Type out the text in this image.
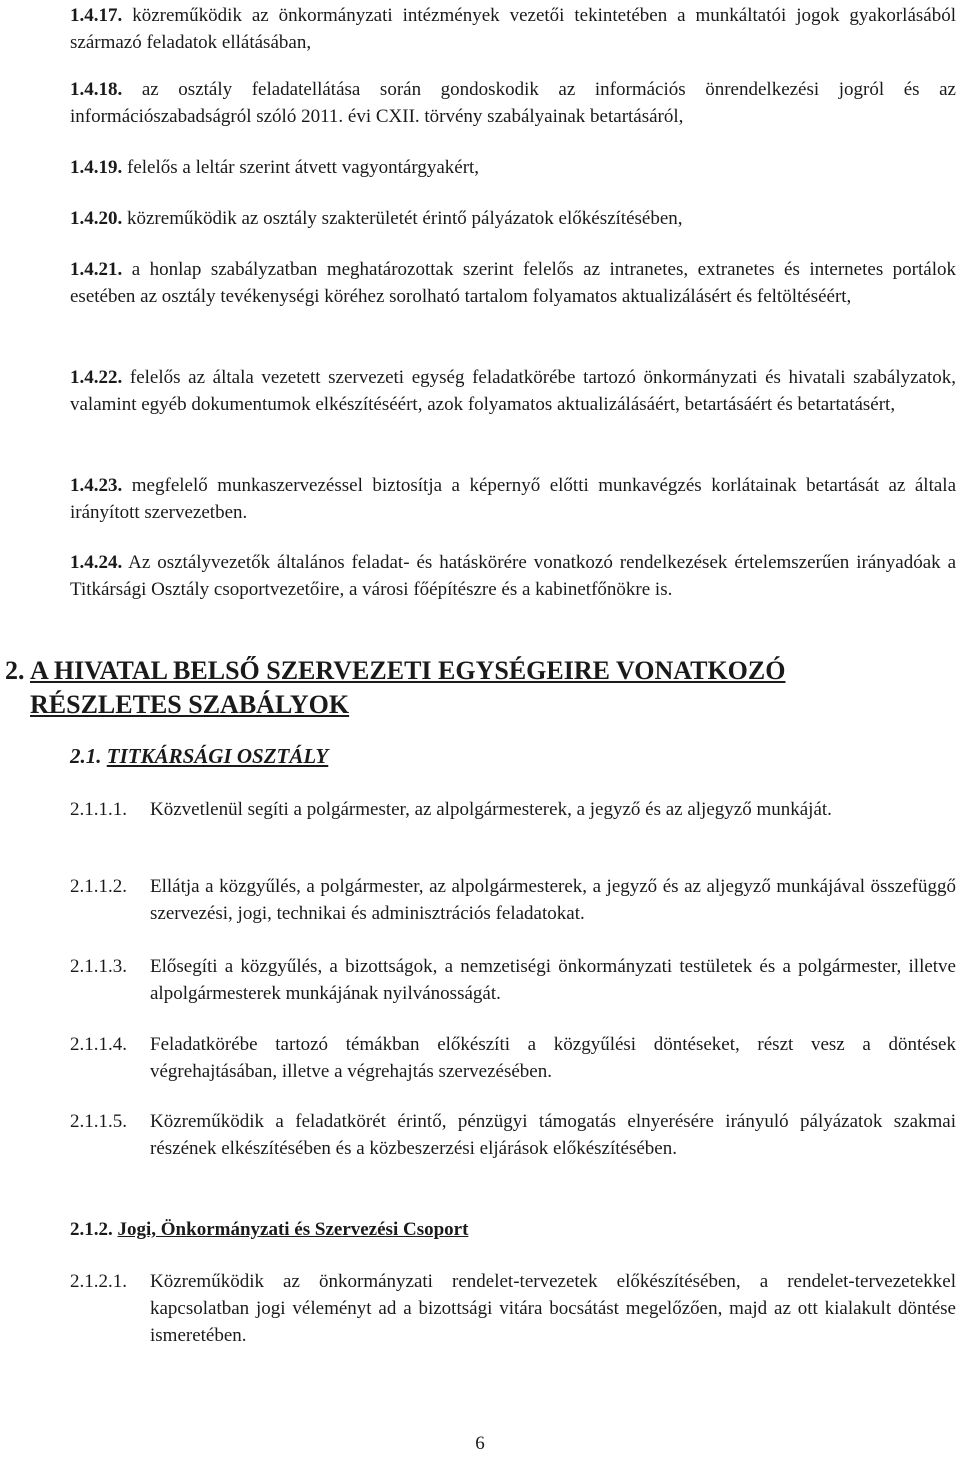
1.4.17. közreműködik az önkormányzati intézmények vezetői tekintetében a munkáltatói jogok gyakorlásából származó feladatok ellátásában,

1.4.18. az osztály feladatellátása során gondoskodik az információs önrendelkezési jogról és az információszabadságról szóló 2011. évi CXII. törvény szabályainak betartásáról,

1.4.19. felelős a leltár szerint átvett vagyontárgyakért,

1.4.20. közreműködik az osztály szakterületét érintő pályázatok előkészítésében,

1.4.21. a honlap szabályzatban meghatározottak szerint felelős az intranetes, extranetes és internetes portálok esetében az osztály tevékenységi köréhez sorolható tartalom folyamatos aktualizálásért és feltöltéséért,

1.4.22. felelős az általa vezetett szervezeti egység feladatkörébe tartozó önkormányzati és hivatali szabályzatok, valamint egyéb dokumentumok elkészítéséért, azok folyamatos aktualizálásáért, betartásáért és betartatásért,

1.4.23. megfelelő munkaszervezéssel biztosítja a képernyő előtti munkavégzés korlátainak betartását az általa irányított szervezetben.

1.4.24. Az osztályvezetők általános feladat- és hatáskörére vonatkozó rendelkezések értelemszerűen irányadóak a Titkársági Osztály csoportvezetőire, a városi főépítészre és a kabinetfőnökre is.

2. A HIVATAL BELSŐ SZERVEZETI EGYSÉGEIRE VONATKOZÓ
RÉSZLETES SZABÁLYOK
2.1. TITKÁRSÁGI OSZTÁLY
2.1.1.1.	Közvetlenül segíti a polgármester, az alpolgármesterek, a jegyző és az aljegyző munkáját.
2.1.1.2.	Ellátja a közgyűlés, a polgármester, az alpolgármesterek, a jegyző és az aljegyző munkájával összefüggő szervezési, jogi, technikai és adminisztrációs feladatokat.
2.1.1.3.	Elősegíti a közgyűlés, a bizottságok, a nemzetiségi önkormányzati testületek és a polgármester, illetve alpolgármesterek munkájának nyilvánosságát.
2.1.1.4.	Feladatkörébe tartozó témákban előkészíti a közgyűlési döntéseket, részt vesz a döntések végrehajtásában, illetve a végrehajtás szervezésében.
2.1.1.5.	Közreműködik a feladatkörét érintő, pénzügyi támogatás elnyerésére irányuló pályázatok szakmai részének elkészítésében és a közbeszerzési eljárások előkészítésében.
2.1.2. Jogi, Önkormányzati és Szervezési Csoport
2.1.2.1.	Közreműködik az önkormányzati rendelet-tervezetek előkészítésében, a rendelet-tervezetekkel kapcsolatban jogi véleményt ad a bizottsági vitára bocsátást megelőzően, majd az ott kialakult döntése ismeretében.
6
